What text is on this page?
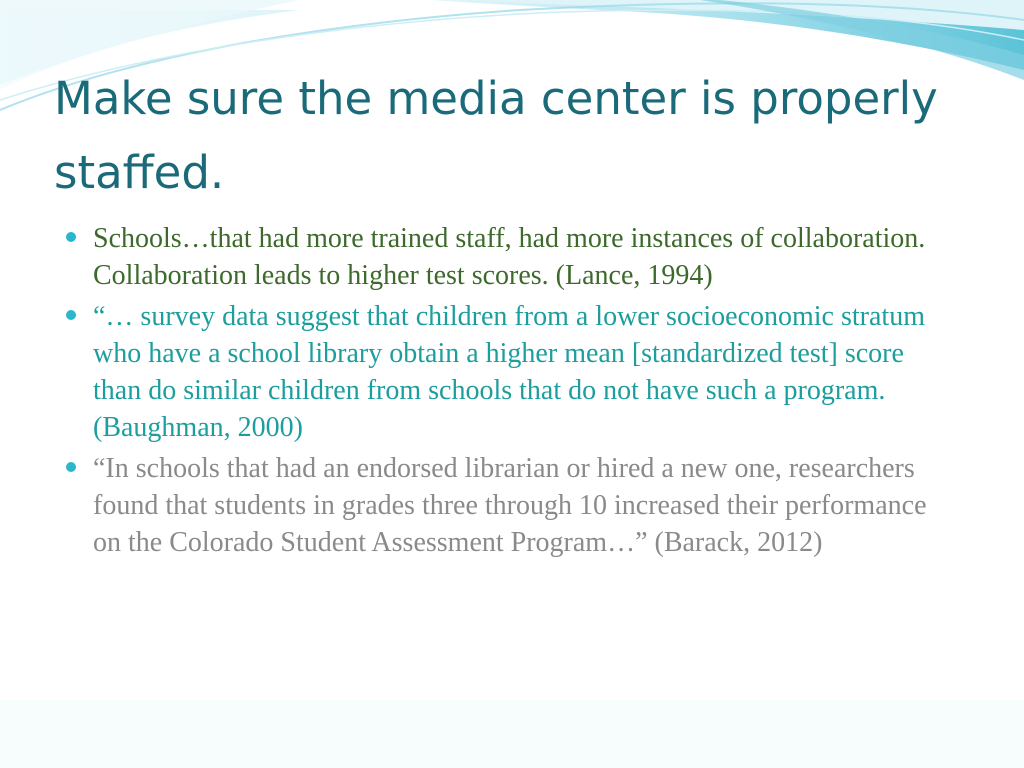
Make sure the media center is properly staffed.
Schools…that had more trained staff, had more instances of collaboration. Collaboration leads to higher test scores. (Lance, 1994)
“… survey data suggest that children from a lower socioeconomic stratum who have a school library obtain a higher mean [standardized test] score than do similar children from schools that do not have such a program. (Baughman, 2000)
“In schools that had an endorsed librarian or hired a new one, researchers found that students in grades three through 10 increased their performance on the Colorado Student Assessment Program…” (Barack, 2012)
